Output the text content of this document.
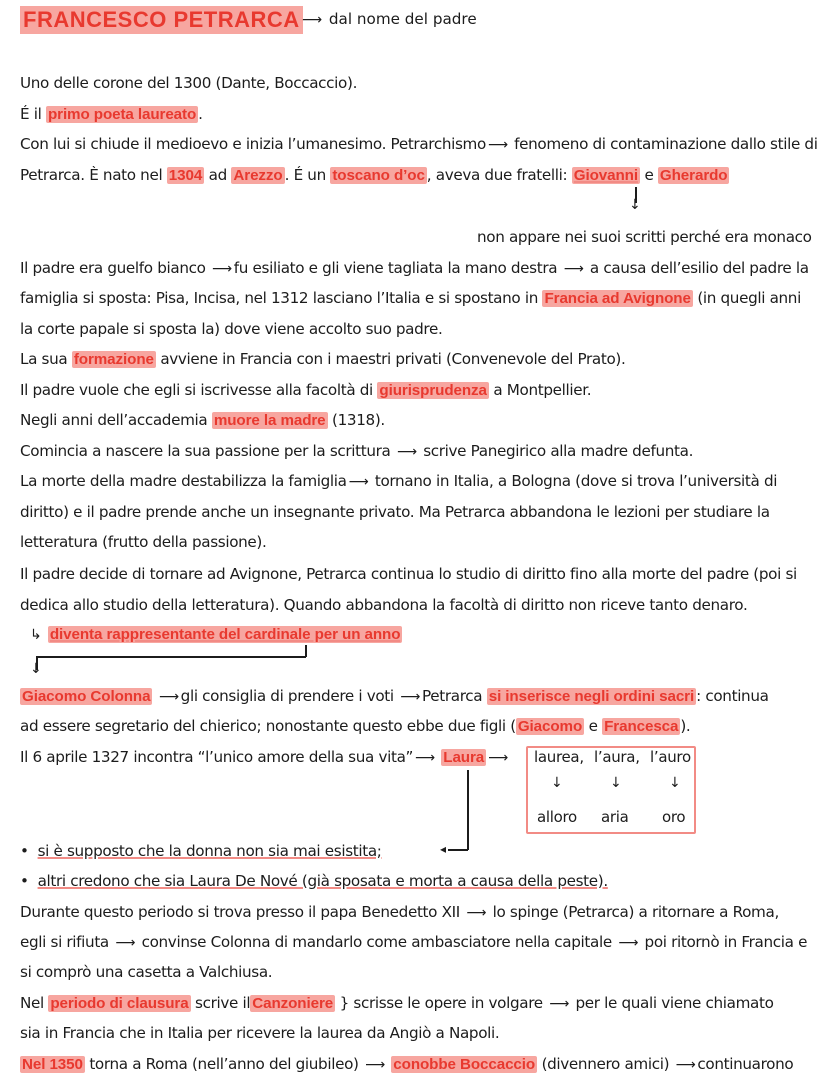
FRANCESCO PETRARCA ⟶ dal nome del padre
Uno delle corone del 1300 (Dante, Boccaccio).
É il primo poeta laureato .
Con lui si chiude il medioevo e inizia l’umanesimo. Petrarchismo ⟶ fenomeno di contaminazione dallo stile di
Petrarca. È nato nel 1304 ad Arezzo . É un toscano d’oc , aveva due fratelli: Giovanni e Gherardo
↓
non appare nei suoi scritti perché era monaco
Il padre era guelfo bianco ⟶ fu esiliato e gli viene tagliata la mano destra ⟶ a causa dell’esilio del padre la
famiglia si sposta: Pisa, Incisa, nel 1312 lasciano l’Italia e si spostano in Francia ad Avignone (in quegli anni
la corte papale si sposta la) dove viene accolto suo padre.
La sua formazione avviene in Francia con i maestri privati (Convenevole del Prato).
Il padre vuole che egli si iscrivesse alla facoltà di giurisprudenza a Montpellier.
Negli anni dell’accademia muore la madre (1318).
Comincia a nascere la sua passione per la scrittura ⟶ scrive Panegirico alla madre defunta.
La morte della madre destabilizza la famiglia ⟶ tornano in Italia, a Bologna (dove si trova l’università di
diritto) e il padre prende anche un insegnante privato. Ma Petrarca abbandona le lezioni per studiare la
letteratura (frutto della passione).
Il padre decide di tornare ad Avignone, Petrarca continua lo studio di diritto fino alla morte del padre (poi si
dedica allo studio della letteratura). Quando abbandona la facoltà di diritto non riceve tanto denaro.
↳ diventa rappresentante del cardinale per un anno
↓
Giacomo Colonna ⟶ gli consiglia di prendere i voti ⟶ Petrarca si inserisce negli ordini sacri : continua
ad essere segretario del chierico; nonostante questo ebbe due figli ( Giacomo e Francesca ).
Il 6 aprile 1327 incontra “l’unico amore della sua vita” ⟶ Laura ⟶ laurea, l’aura, l’auro
↓	↓	↓
alloro aria oro
◂
• si è supposto che la donna non sia mai esistita;
• altri credono che sia Laura De Nové (già sposata e morta a causa della peste).
Durante questo periodo si trova presso il papa Benedetto XII ⟶ lo spinge (Petrarca) a ritornare a Roma,
egli si rifiuta ⟶ convinse Colonna di mandarlo come ambasciatore nella capitale ⟶ poi ritornò in Francia e
si comprò una casetta a Valchiusa.
Nel periodo di clausura scrive il Canzoniere } scrisse le opere in volgare ⟶ per le quali viene chiamato
sia in Francia che in Italia per ricevere la laurea da Angiò a Napoli.
Nel 1350 torna a Roma (nell’anno del giubileo) ⟶ conobbe Boccaccio (divennero amici) ⟶ continuarono
